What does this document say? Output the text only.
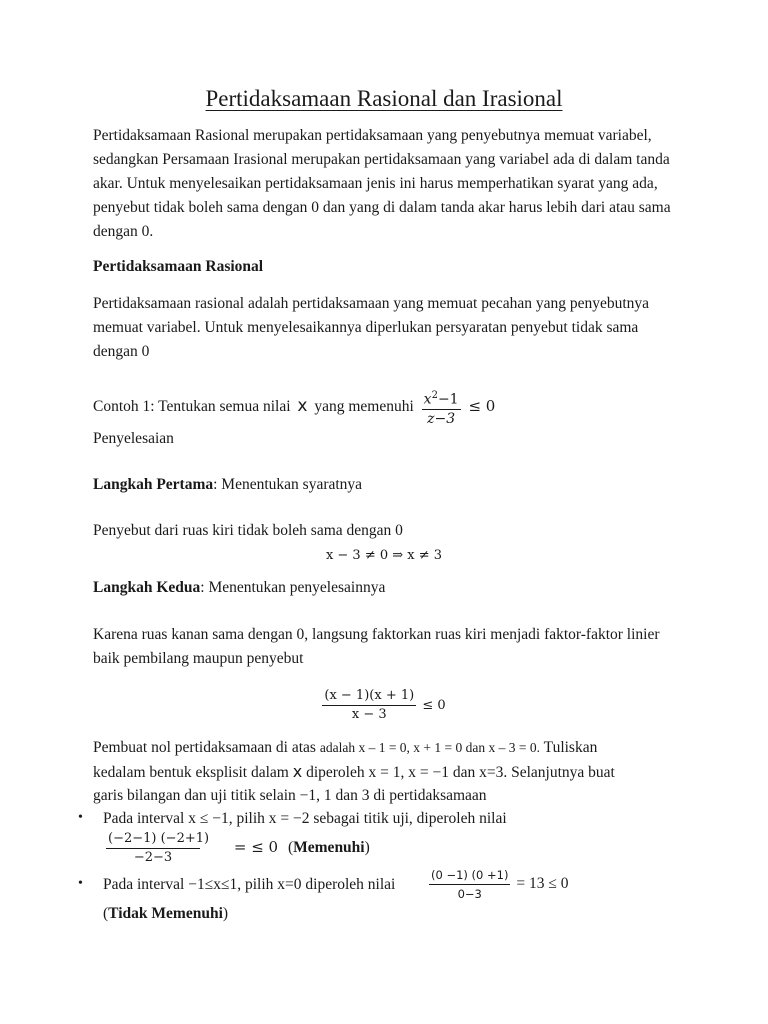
Pertidaksamaan Rasional dan Irasional
Pertidaksamaan Rasional merupakan pertidaksamaan yang penyebutnya memuat variabel, sedangkan Persamaan Irasional merupakan pertidaksamaan yang variabel ada di dalam tanda akar. Untuk menyelesaikan pertidaksamaan jenis ini harus memperhatikan syarat yang ada, penyebut tidak boleh sama dengan 0 dan yang di dalam tanda akar harus lebih dari atau sama dengan 0.
Pertidaksamaan Rasional
Pertidaksamaan rasional adalah pertidaksamaan yang memuat pecahan yang penyebutnya memuat variabel. Untuk menyelesaikannya diperlukan persyaratan penyebut tidak sama dengan 0
Contoh 1: Tentukan semua nilai x yang memenuhi $\frac{x^2-1}{z-3} \le 0$
Penyelesaian
Langkah Pertama: Menentukan syaratnya
Penyebut dari ruas kiri tidak boleh sama dengan 0
x − 3 ≠ 0 ⇒ x ≠ 3
Langkah Kedua: Menentukan penyelesainnya
Karena ruas kanan sama dengan 0, langsung faktorkan ruas kiri menjadi faktor-faktor linier baik pembilang maupun penyebut
$\frac{(x - 1)(x + 1)}{x - 3} \le 0$
Pembuat nol pertidaksamaan di atas adalah x – 1 = 0, x + 1 = 0 dan x – 3 = 0. Tuliskan
kedalam bentuk eksplisit dalam x diperoleh x = 1, x = −1 dan x=3. Selanjutnya buat
garis bilangan dan uji titik selain −1, 1 dan 3 di pertidaksamaan
• Pada interval x ≤ −1, pilih x = −2 sebagai titik uji, diperoleh nilai
$\frac{(-2-1) (-2+1)}{-2-3}$ = ≤ 0 (Memenuhi)
• Pada interval −1≤x≤1, pilih x=0 diperoleh nilai	$\frac{(0 -1) (0 +1)}{0-3} = 13 \le 0$
(Tidak Memenuhi)
